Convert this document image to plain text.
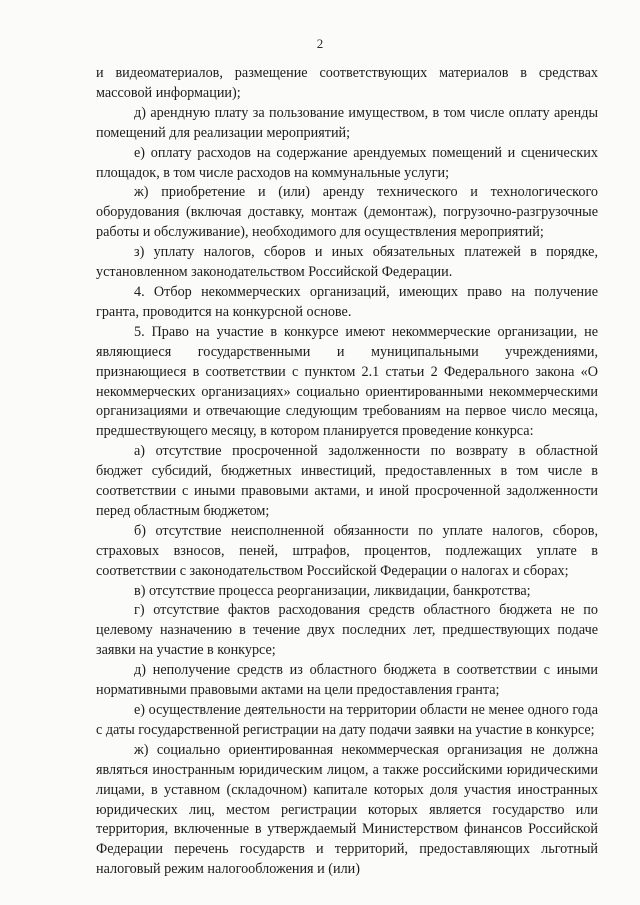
2

и видеоматериалов, размещение соответствующих материалов в средствах массовой информации);

д) арендную плату за пользование имуществом, в том числе оплату аренды помещений для реализации мероприятий;

е) оплату расходов на содержание арендуемых помещений и сценических площадок, в том числе расходов на коммунальные услуги;

ж) приобретение и (или) аренду технического и технологического оборудования (включая доставку, монтаж (демонтаж), погрузочно-разгрузочные работы и обслуживание), необходимого для осуществления мероприятий;

з) уплату налогов, сборов и иных обязательных платежей в порядке, установленном законодательством Российской Федерации.

4. Отбор некоммерческих организаций, имеющих право на получение гранта, проводится на конкурсной основе.

5. Право на участие в конкурсе имеют некоммерческие организации, не являющиеся государственными и муниципальными учреждениями, признающиеся в соответствии с пунктом 2.1 статьи 2 Федерального закона «О некоммерческих организациях» социально ориентированными некоммерческими организациями и отвечающие следующим требованиям на первое число месяца, предшествующего месяцу, в котором планируется проведение конкурса:

а) отсутствие просроченной задолженности по возврату в областной бюджет субсидий, бюджетных инвестиций, предоставленных в том числе в соответствии с иными правовыми актами, и иной просроченной задолженности перед областным бюджетом;

б) отсутствие неисполненной обязанности по уплате налогов, сборов, страховых взносов, пеней, штрафов, процентов, подлежащих уплате в соответствии с законодательством Российской Федерации о налогах и сборах;

в) отсутствие процесса реорганизации, ликвидации, банкротства;

г) отсутствие фактов расходования средств областного бюджета не по целевому назначению в течение двух последних лет, предшествующих подаче заявки на участие в конкурсе;

д) неполучение средств из областного бюджета в соответствии с иными нормативными правовыми актами на цели предоставления гранта;

е) осуществление деятельности на территории области не менее одного года с даты государственной регистрации на дату подачи заявки на участие в конкурсе;

ж) социально ориентированная некоммерческая организация не должна являться иностранным юридическим лицом, а также российскими юридическими лицами, в уставном (складочном) капитале которых доля участия иностранных юридических лиц, местом регистрации которых является государство или территория, включенные в утверждаемый Министерством финансов Российской Федерации перечень государств и территорий, предоставляющих льготный налоговый режим налогообложения и (или)
